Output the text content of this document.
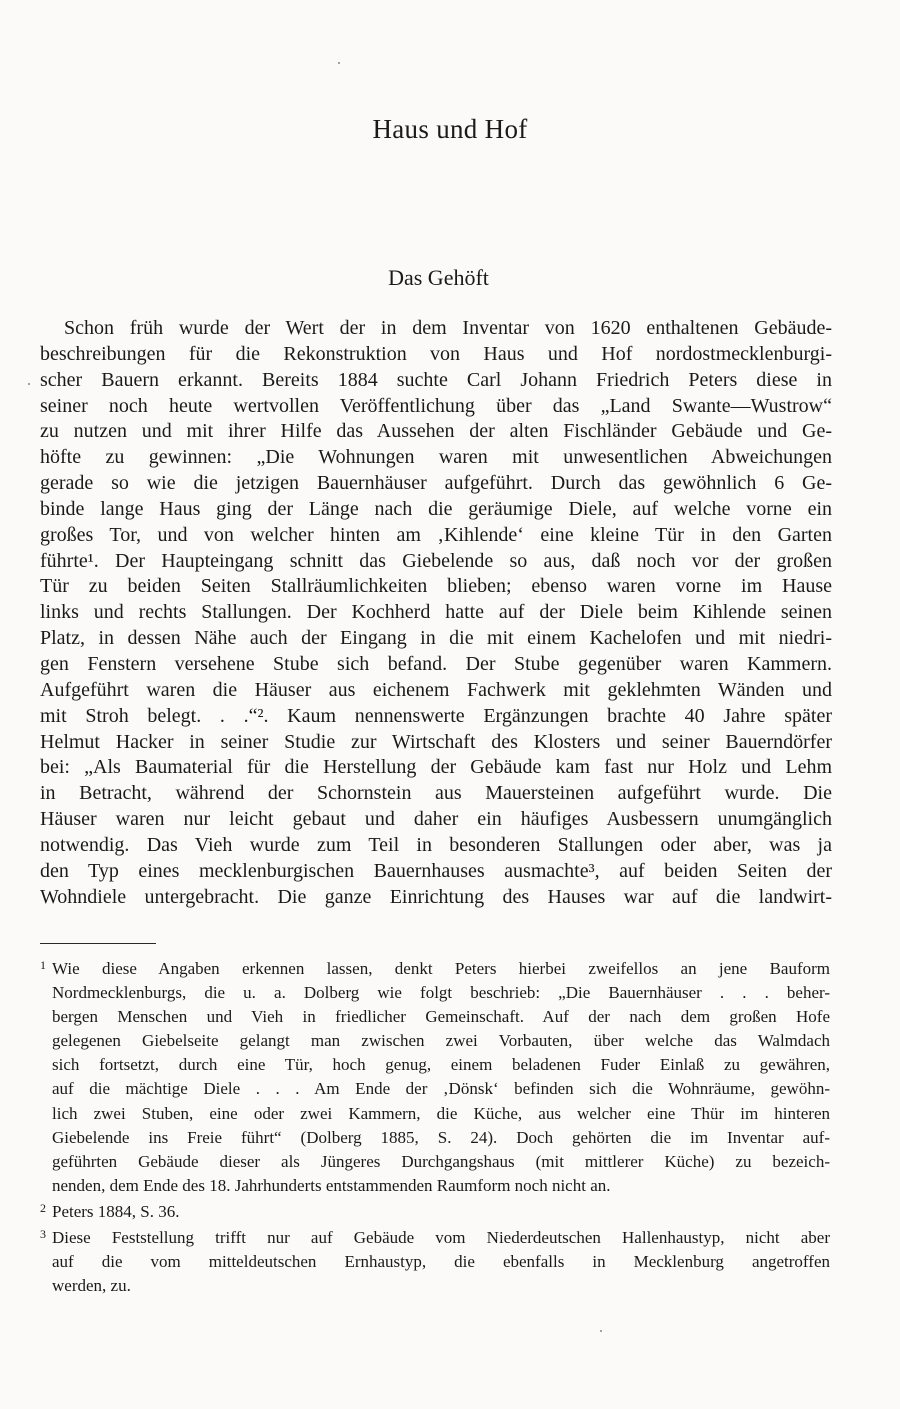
Haus und Hof
Das Gehöft
Schon früh wurde der Wert der in dem Inventar von 1620 enthaltenen Gebäude-
beschreibungen für die Rekonstruktion von Haus und Hof nordostmecklenburgi-
scher Bauern erkannt. Bereits 1884 suchte Carl Johann Friedrich Peters diese in
seiner noch heute wertvollen Veröffentlichung über das „Land Swante—Wustrow“
zu nutzen und mit ihrer Hilfe das Aussehen der alten Fischländer Gebäude und Ge-
höfte zu gewinnen: „Die Wohnungen waren mit unwesentlichen Abweichungen
gerade so wie die jetzigen Bauernhäuser aufgeführt. Durch das gewöhnlich 6 Ge-
binde lange Haus ging der Länge nach die geräumige Diele, auf welche vorne ein
großes Tor, und von welcher hinten am ‚Kihlende‘ eine kleine Tür in den Garten
führte¹. Der Haupteingang schnitt das Giebelende so aus, daß noch vor der großen
Tür zu beiden Seiten Stallräumlichkeiten blieben; ebenso waren vorne im Hause
links und rechts Stallungen. Der Kochherd hatte auf der Diele beim Kihlende seinen
Platz, in dessen Nähe auch der Eingang in die mit einem Kachelofen und mit niedri-
gen Fenstern versehene Stube sich befand. Der Stube gegenüber waren Kammern.
Aufgeführt waren die Häuser aus eichenem Fachwerk mit geklehmten Wänden und
mit Stroh belegt. . .“². Kaum nennenswerte Ergänzungen brachte 40 Jahre später
Helmut Hacker in seiner Studie zur Wirtschaft des Klosters und seiner Bauerndörfer
bei: „Als Baumaterial für die Herstellung der Gebäude kam fast nur Holz und Lehm
in Betracht, während der Schornstein aus Mauersteinen aufgeführt wurde. Die
Häuser waren nur leicht gebaut und daher ein häufiges Ausbessern unumgänglich
notwendig. Das Vieh wurde zum Teil in besonderen Stallungen oder aber, was ja
den Typ eines mecklenburgischen Bauernhauses ausmachte³, auf beiden Seiten der
Wohndiele untergebracht. Die ganze Einrichtung des Hauses war auf die landwirt-
1 Wie diese Angaben erkennen lassen, denkt Peters hierbei zweifellos an jene Bauform
Nordmecklenburgs, die u. a. Dolberg wie folgt beschrieb: „Die Bauernhäuser . . . beher-
bergen Menschen und Vieh in friedlicher Gemeinschaft. Auf der nach dem großen Hofe
gelegenen Giebelseite gelangt man zwischen zwei Vorbauten, über welche das Walmdach
sich fortsetzt, durch eine Tür, hoch genug, einem beladenen Fuder Einlaß zu gewähren,
auf die mächtige Diele . . . Am Ende der ‚Dönsk‘ befinden sich die Wohnräume, gewöhn-
lich zwei Stuben, eine oder zwei Kammern, die Küche, aus welcher eine Thür im hinteren
Giebelende ins Freie führt“ (Dolberg 1885, S. 24). Doch gehörten die im Inventar auf-
geführten Gebäude dieser als Jüngeres Durchgangshaus (mit mittlerer Küche) zu bezeich-
nenden, dem Ende des 18. Jahrhunderts entstammenden Raumform noch nicht an.
2 Peters 1884, S. 36.
3 Diese Feststellung trifft nur auf Gebäude vom Niederdeutschen Hallenhaustyp, nicht aber
auf die vom mitteldeutschen Ernhaustyp, die ebenfalls in Mecklenburg angetroffen
werden, zu.
